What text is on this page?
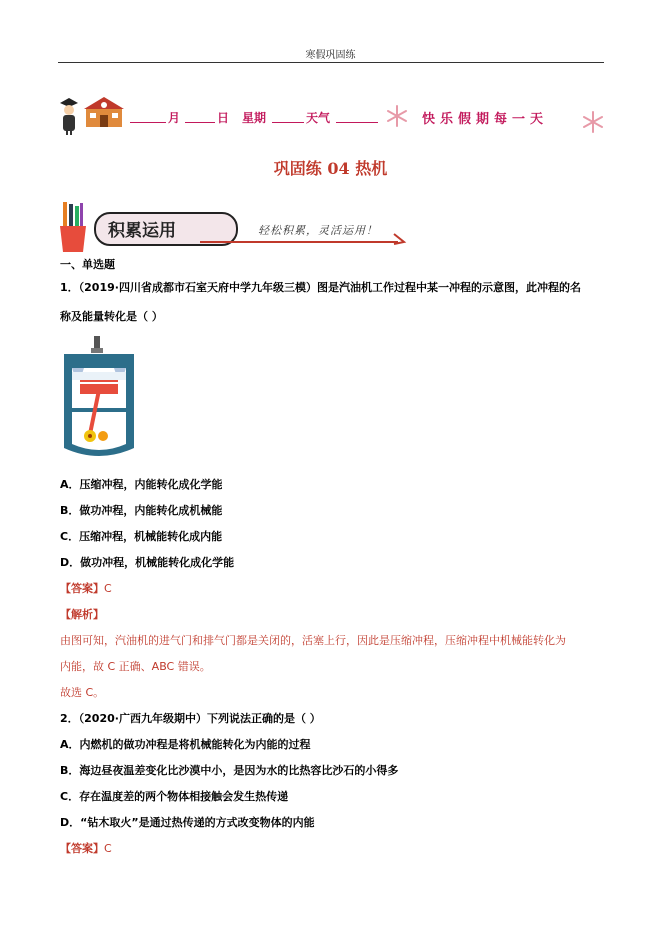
寒假巩固练
月	日 星期	天气	快乐假期每一天
巩固练 04 热机
积累运用	轻松积累，灵活运用！
一、单选题
1．（2019·四川省成都市石室天府中学九年级三模）图是汽油机工作过程中某一冲程的示意图，此冲程的名
称及能量转化是（ ）
A．压缩冲程，内能转化成化学能
B．做功冲程，内能转化成机械能
C．压缩冲程，机械能转化成内能
D．做功冲程，机械能转化成化学能
【答案】C
【解析】
由图可知，汽油机的进气门和排气门都是关闭的，活塞上行，因此是压缩冲程，压缩冲程中机械能转化为
内能，故 C 正确、ABC 错误。
故选 C。
2．（2020·广西九年级期中）下列说法正确的是（ ）
A．内燃机的做功冲程是将机械能转化为内能的过程
B．海边昼夜温差变化比沙漠中小，是因为水的比热容比沙石的小得多
C．存在温度差的两个物体相接触会发生热传递
D．“钻木取火”是通过热传递的方式改变物体的内能
【答案】C
